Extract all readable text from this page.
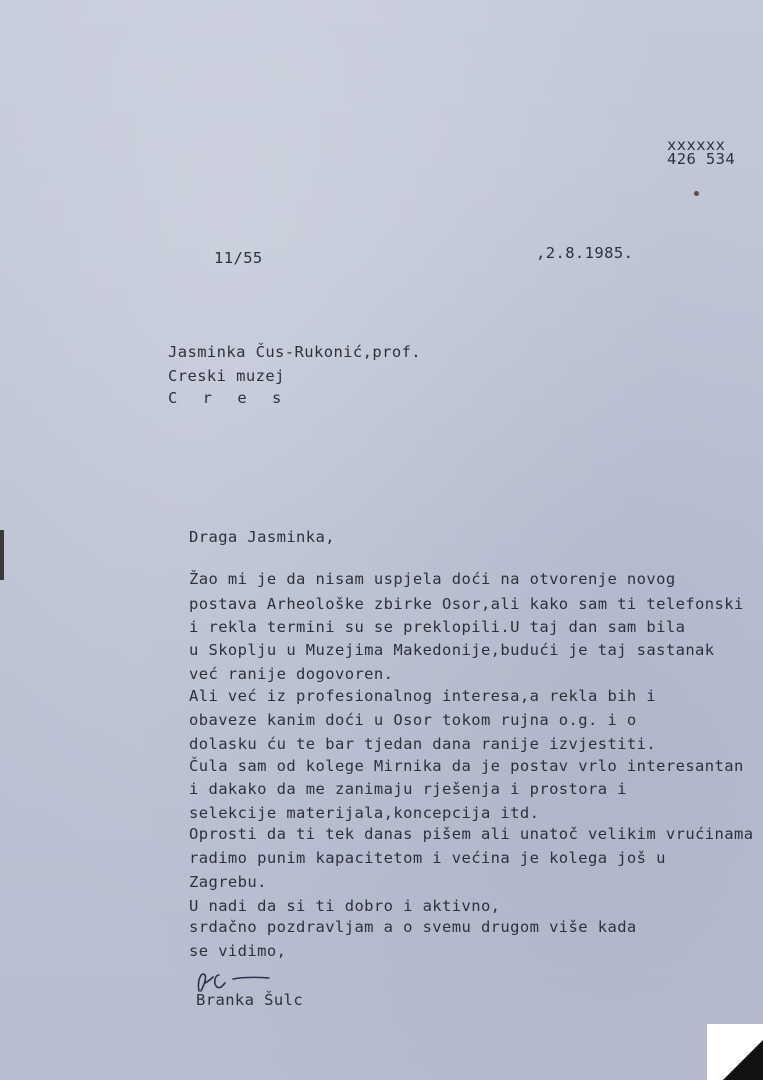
xxxxxx
426 534
11/55	,2.8.1985.
Jasminka Čus-Rukonić,prof.
Creski muzej
C r e s
Draga Jasminka,
Žao mi je da nisam uspjela doći na otvorenje novog
postava Arheološke zbirke Osor,ali kako sam ti telefonski
i rekla termini su se preklopili.U taj dan sam bila
u Skoplju u Muzejima Makedonije,budući je taj sastanak
već ranije dogovoren.
Ali već iz profesionalnog interesa,a rekla bih i
obaveze kanim doći u Osor tokom rujna o.g. i o
dolasku ću te bar tjedan dana ranije izvjestiti.
Čula sam od kolege Mirnika da je postav vrlo interesantan
i dakako da me zanimaju rješenja i prostora i
selekcije materijala,koncepcija itd.
Oprosti da ti tek danas pišem ali unatoč velikim vrućinama
radimo punim kapacitetom i većina je kolega još u
Zagrebu.
U nadi da si ti dobro i aktivno,
srdačno pozdravljam a o svemu drugom više kada
se vidimo,
Branka Šulc
